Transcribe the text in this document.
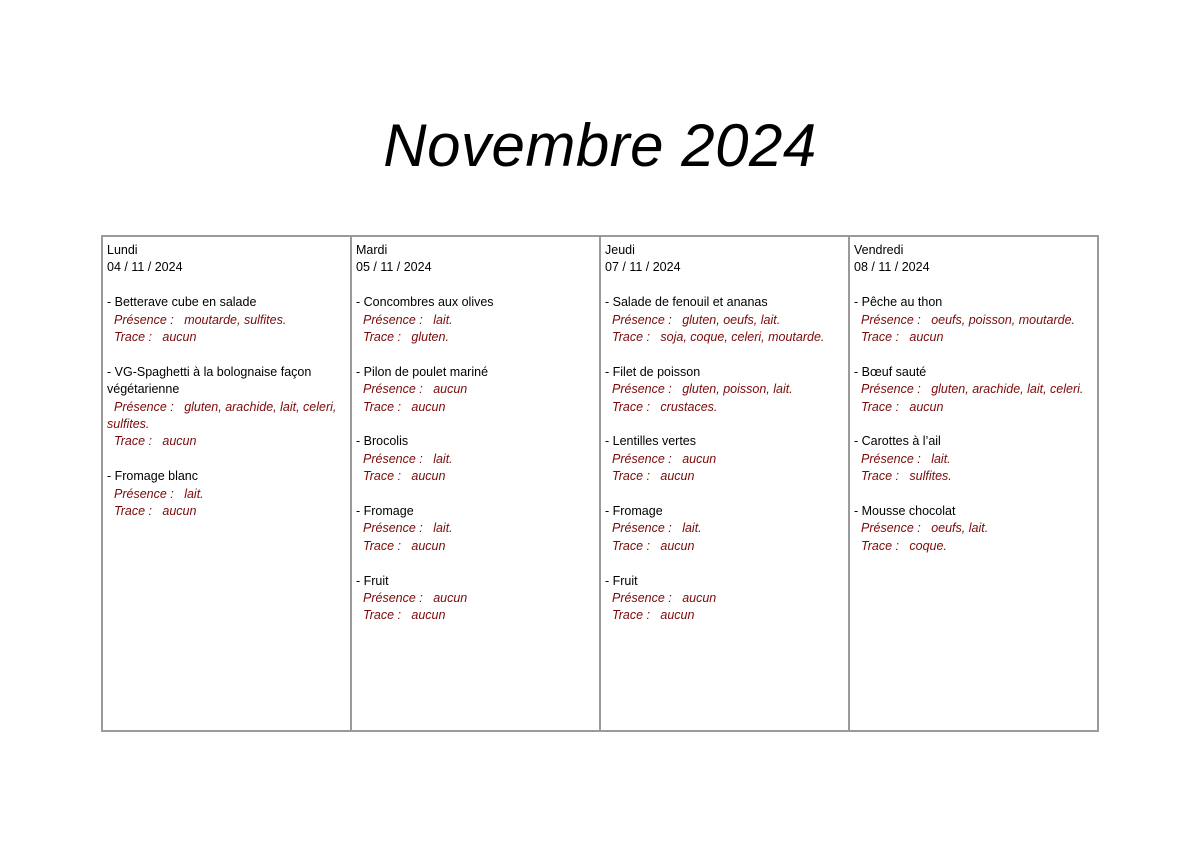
Novembre 2024
Lundi
04 / 11 / 2024
- Betterave cube en salade
Présence : moutarde, sulfites.
Trace : aucun
- VG-Spaghetti à la bolognaise façon végétarienne
Présence : gluten, arachide, lait, celeri, sulfites.
Trace : aucun
- Fromage blanc
Présence : lait.
Trace : aucun
Mardi
05 / 11 / 2024
- Concombres aux olives
Présence : lait.
Trace : gluten.
- Pilon de poulet mariné
Présence : aucun
Trace : aucun
- Brocolis
Présence : lait.
Trace : aucun
- Fromage
Présence : lait.
Trace : aucun
- Fruit
Présence : aucun
Trace : aucun
Jeudi
07 / 11 / 2024
- Salade de fenouil et ananas
Présence : gluten, oeufs, lait.
Trace : soja, coque, celeri, moutarde.
- Filet de poisson
Présence : gluten, poisson, lait.
Trace : crustaces.
- Lentilles vertes
Présence : aucun
Trace : aucun
- Fromage
Présence : lait.
Trace : aucun
- Fruit
Présence : aucun
Trace : aucun
Vendredi
08 / 11 / 2024
- Pêche au thon
Présence : oeufs, poisson, moutarde.
Trace : aucun
- Bœuf sauté
Présence : gluten, arachide, lait, celeri.
Trace : aucun
- Carottes à l’ail
Présence : lait.
Trace : sulfites.
- Mousse chocolat
Présence : oeufs, lait.
Trace : coque.
